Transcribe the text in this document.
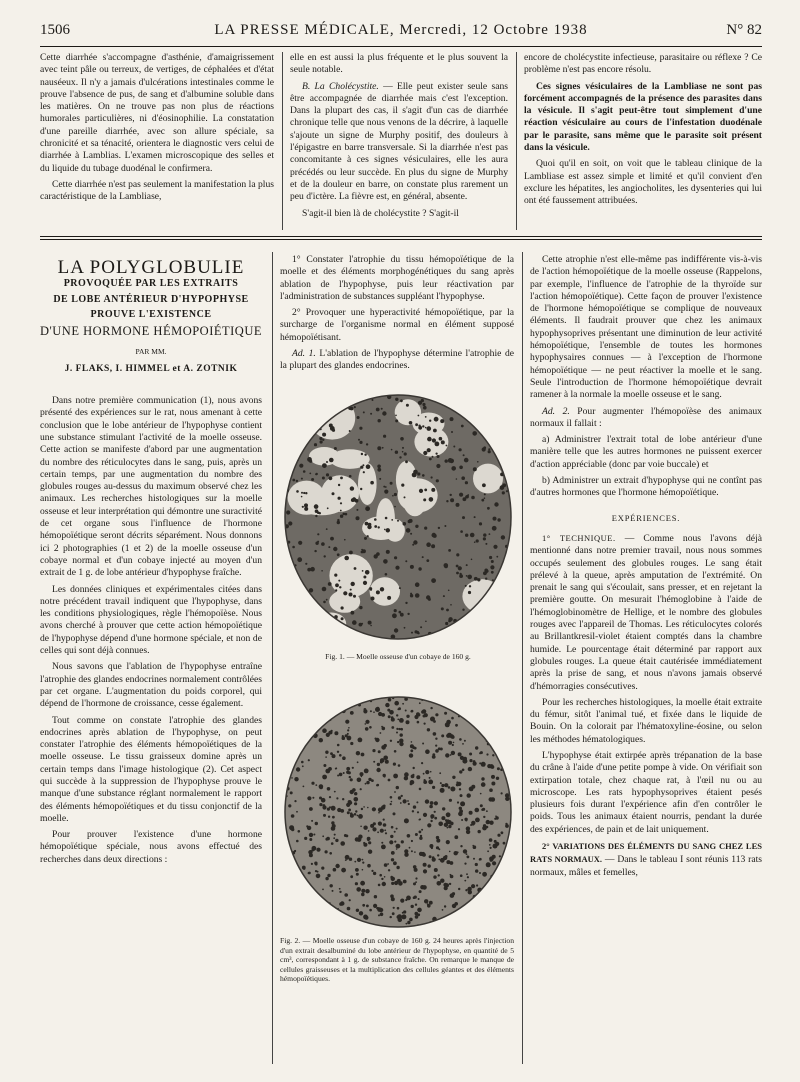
1506	LA PRESSE MÉDICALE, Mercredi, 12 Octobre 1938	N° 82

Cette diarrhée s'accompagne d'asthénie, d'amaigrissement avec teint pâle ou terreux, de vertiges, de céphalées et d'état nauséeux. Il n'y a jamais d'ulcérations intestinales comme le prouve l'absence de pus, de sang et d'albumine soluble dans les matières. On ne trouve pas non plus de réactions humorales particulières, ni d'éosinophilie. La constatation d'une pareille diarrhée, avec son allure spéciale, sa chronicité et sa ténacité, orientera le diagnostic vers celui de diarrhée à Lamblias. L'examen microscopique des selles et du liquide du tubage duodénal le confirmera.

Cette diarrhée n'est pas seulement la manifestation la plus caractéristique de la Lambliase,

elle en est aussi la plus fréquente et le plus souvent la seule notable.

B. La Cholécystite. — Elle peut exister seule sans être accompagnée de diarrhée mais c'est l'exception. Dans la plupart des cas, il s'agit d'un cas de diarrhée chronique telle que nous venons de la décrire, à laquelle s'ajoute un signe de Murphy positif, des douleurs à l'épigastre en barre transversale. Si la diarrhée n'est pas concomitante à ces signes vésiculaires, elle les aura précédés ou leur succède. En plus du signe de Murphy et de la douleur en barre, on constate plus rarement un peu d'ictère. La fièvre est, en général, absente.

S'agit-il bien là de cholécystite ? S'agit-il

encore de cholécystite infectieuse, parasitaire ou réflexe ? Ce problème n'est pas encore résolu.

Ces signes vésiculaires de la Lambliase ne sont pas forcément accompagnés de la présence des parasites dans la vésicule. Il s'agit peut-être tout simplement d'une réaction vésiculaire au cours de l'infestation duodénale par le parasite, sans même que le parasite soit présent dans la vésicule.

Quoi qu'il en soit, on voit que le tableau clinique de la Lambliase est assez simple et limité et qu'il convient d'en exclure les hépatites, les angiocholites, les dysenteries qui lui ont été faussement attribuées.

LA POLYGLOBULIE
PROVOQUÉE PAR LES EXTRAITS
DE LOBE ANTÉRIEUR D'HYPOPHYSE
PROUVE L'EXISTENCE
D'UNE HORMONE HÉMOPOIÉTIQUE
PAR MM.
J. FLAKS, I. HIMMEL et A. ZOTNIK

Dans notre première communication (1), nous avons présenté des expériences sur le rat, nous amenant à cette conclusion que le lobe antérieur de l'hypophyse contient une substance stimulant l'activité de la moelle osseuse. Cette action se manifeste d'abord par une augmentation du nombre des réticulocytes dans le sang, puis, après un certain temps, par une augmentation du nombre des globules rouges au-dessus du maximum observé chez les animaux. Les recherches histologiques sur la moelle osseuse et leur interprétation qui démontre une suractivité de cet organe sous l'influence de l'hormone hémopoïétique seront décrits séparément. Nous donnons ici 2 photographies (1 et 2) de la moelle osseuse d'un cobaye normal et d'un cobaye injecté au moyen d'un extrait de 1 g. de lobe antérieur d'hypophyse fraîche.

Les données cliniques et expérimentales citées dans notre précédent travail indiquent que l'hypophyse, dans les conditions physiologiques, règle l'hémopoïèse. Nous avons cherché à prouver que cette action hémopoïétique de l'hypophyse dépend d'une hormone spéciale, et non de celles qui sont déjà connues.

Nous savons que l'ablation de l'hypophyse entraîne l'atrophie des glandes endocrines normalement contrôlées par cet organe. L'augmentation du poids corporel, qui dépend de l'hormone de croissance, cesse également.

Tout comme on constate l'atrophie des glandes endocrines après ablation de l'hypophyse, on peut constater l'atrophie des éléments hémopoïétiques de la moelle osseuse. Le tissu graisseux domine après un certain temps dans l'image histologique (2). Cet aspect qui succède à la suppression de l'hypophyse prouve le manque d'une substance réglant normalement le rapport des éléments hémopoïétiques et du tissu conjonctif de la moelle.

Pour prouver l'existence d'une hormone hémopoïétique spéciale, nous avons effectué des recherches dans deux directions :

1° Constater l'atrophie du tissu hémopoïétique de la moelle et des éléments morphogénétiques du sang après ablation de l'hypophyse, puis leur réactivation par l'administration de substances suppléant l'hypophyse.

2° Provoquer une hyperactivité hémopoïétique, par la surcharge de l'organisme normal en élément supposé hémopoïétisant.

Ad. 1. L'ablation de l'hypophyse détermine l'atrophie de la plupart des glandes endocrines.

Fig. 1. — Moelle osseuse d'un cobaye de 160 g.
Fig. 2. — Moelle osseuse d'un cobaye de 160 g. 24 heures après l'injection d'un extrait desalbuminé du lobe antérieur de l'hypophyse, en quantité de 5 cm³, correspondant à 1 g. de substance fraîche. On remarque le manque de cellules graisseuses et la multiplication des cellules géantes et des éléments hémopoïétiques.

Cette atrophie n'est elle-même pas indifférente vis-à-vis de l'action hémopoïétique de la moelle osseuse (Rappelons, par exemple, l'influence de l'atrophie de la thyroïde sur l'action hémopoïétique). Cette façon de prouver l'existence de l'hormone hémopoïétique se complique de nouveaux éléments. Il faudrait prouver que chez les animaux hypophysoprives présentant une diminution de leur activité hémopoïétique, l'ensemble de toutes les hormones hypophysaires connues — à l'exception de l'hormone hémopoïétique — ne peut réactiver la moelle et le sang. Seule l'introduction de l'hormone hémopoïétique devrait ramener à la normale la moelle osseuse et le sang.

Ad. 2. Pour augmenter l'hémopoïèse des animaux normaux il fallait :

a) Administrer l'extrait total de lobe antérieur d'une manière telle que les autres hormones ne puissent exercer d'action appréciable (donc par voie buccale) et

b) Administrer un extrait d'hypophyse qui ne contînt pas d'autres hormones que l'hormone hémopoïétique.

EXPÉRIENCES.

1° TECHNIQUE. — Comme nous l'avons déjà mentionné dans notre premier travail, nous nous sommes occupés seulement des globules rouges. Le sang était prélevé à la queue, après amputation de l'extrémité. On prenait le sang qui s'écoulait, sans presser, et en rejetant la première goutte. On mesurait l'hémoglobine à l'aide de l'hémoglobinomètre de Hellige, et le nombre des globules rouges avec l'appareil de Thomas. Les réticulocytes colorés au Brillantkresil-violet étaient comptés dans la chambre humide. Le pourcentage était déterminé par rapport aux globules rouges. La queue était cautérisée immédiatement après la prise de sang, et nous n'avons jamais observé d'hémorragies consécutives.

Pour les recherches histologiques, la moelle était extraite du fémur, sitôt l'animal tué, et fixée dans le liquide de Bouin. On la colorait par l'hématoxyline-éosine, ou selon les méthodes hématologiques.

L'hypophyse était extirpée après trépanation de la base du crâne à l'aide d'une petite pompe à vide. On vérifiait son extirpation totale, chez chaque rat, à l'œil nu ou au microscope. Les rats hypophysoprives étaient pesés plusieurs fois durant l'expérience afin d'en contrôler le poids. Tous les animaux étaient nourris, pendant la durée des expériences, de pain et de lait uniquement.

2° VARIATIONS DES ÉLÉMENTS DU SANG CHEZ LES RATS NORMAUX. — Dans le tableau I sont réunis 113 rats normaux, mâles et femelles,
